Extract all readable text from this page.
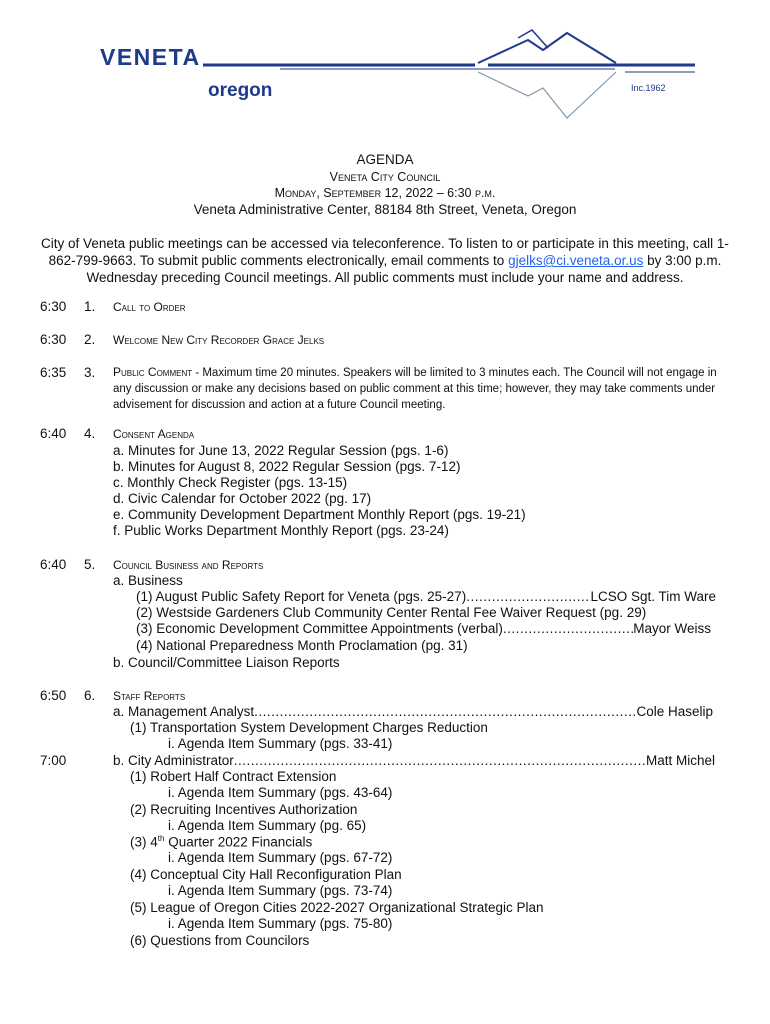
VENETA
oregon	Inc.1962
AGENDA
Veneta City Council
Monday, September 12, 2022 – 6:30 p.m.
Veneta Administrative Center, 88184 8th Street, Veneta, Oregon
City of Veneta public meetings can be accessed via teleconference. To listen to or participate in this meeting, call 1-862-799-9663. To submit public comments electronically, email comments to gjelks@ci.veneta.or.us by 3:00 p.m. Wednesday preceding Council meetings. All public comments must include your name and address.
6:30 1. Call to Order
6:30 2. Welcome New City Recorder Grace Jelks
6:35 3. Public Comment - Maximum time 20 minutes. Speakers will be limited to 3 minutes each. The Council will not engage in any discussion or make any decisions based on public comment at this time; however, they may take comments under advisement for discussion and action at a future Council meeting.
6:40 4. Consent Agenda
a. Minutes for June 13, 2022 Regular Session (pgs. 1-6)
b. Minutes for August 8, 2022 Regular Session (pgs. 7-12)
c. Monthly Check Register (pgs. 13-15)
d. Civic Calendar for October 2022 (pg. 17)
e. Community Development Department Monthly Report (pgs. 19-21)
f. Public Works Department Monthly Report (pgs. 23-24)
6:40 5. Council Business and Reports
a. Business
(1) August Public Safety Report for Veneta (pgs. 25-27) .....	LCSO Sgt. Tim Ware
(2) Westside Gardeners Club Community Center Rental Fee Waiver Request (pg. 29)
(3) Economic Development Committee Appointments (verbal) .....	Mayor Weiss
(4) National Preparedness Month Proclamation (pg. 31)
b. Council/Committee Liaison Reports
6:50 6. Staff Reports
a. Management Analyst .....	Cole Haselip
(1) Transportation System Development Charges Reduction
i. Agenda Item Summary (pgs. 33-41)
7:00	b. City Administrator .....	Matt Michel
(1) Robert Half Contract Extension
i. Agenda Item Summary (pgs. 43-64)
(2) Recruiting Incentives Authorization
i. Agenda Item Summary (pg. 65)
(3) 4th Quarter 2022 Financials
i. Agenda Item Summary (pgs. 67-72)
(4) Conceptual City Hall Reconfiguration Plan
i. Agenda Item Summary (pgs. 73-74)
(5) League of Oregon Cities 2022-2027 Organizational Strategic Plan
i. Agenda Item Summary (pgs. 75-80)
(6) Questions from Councilors
